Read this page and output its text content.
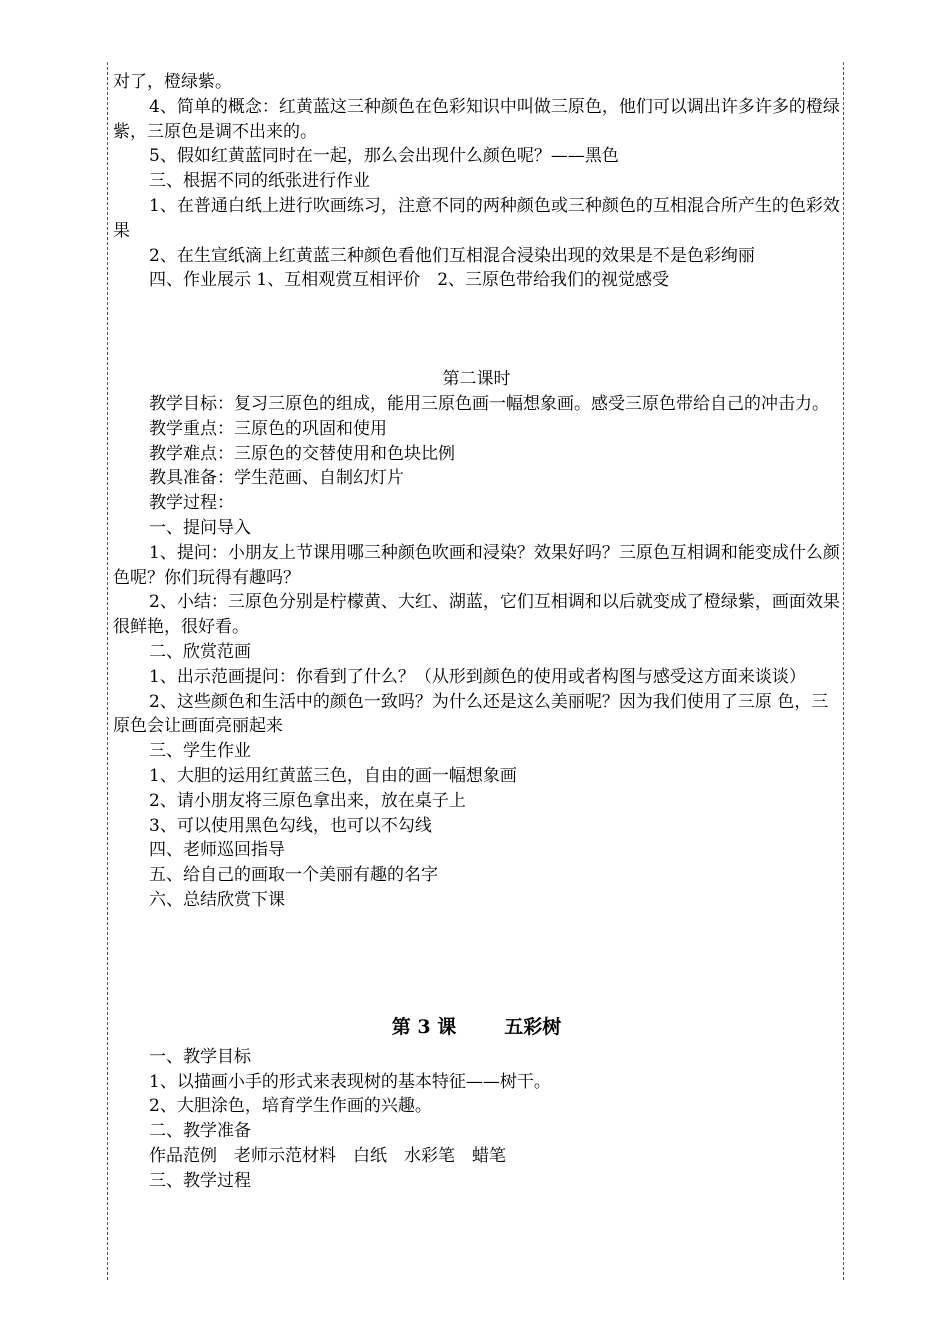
对了，橙绿紫。

4、简单的概念：红黄蓝这三种颜色在色彩知识中叫做三原色，他们可以调出许多许多的橙绿紫，三原色是调不出来的。

5、假如红黄蓝同时在一起，那么会出现什么颜色呢？——黑色

三、根据不同的纸张进行作业

1、在普通白纸上进行吹画练习，注意不同的两种颜色或三种颜色的互相混合所产生的色彩效果

2、在生宣纸滴上红黄蓝三种颜色看他们互相混合浸染出现的效果是不是色彩绚丽

四、作业展示 1、互相观赏互相评价　2、三原色带给我们的视觉感受

第二课时

教学目标：复习三原色的组成，能用三原色画一幅想象画。感受三原色带给自己的冲击力。

教学重点：三原色的巩固和使用

教学难点：三原色的交替使用和色块比例

教具准备：学生范画、自制幻灯片

教学过程：

一、提问导入

1、提问：小朋友上节课用哪三种颜色吹画和浸染？效果好吗？三原色互相调和能变成什么颜色呢？你们玩得有趣吗？

2、小结：三原色分别是柠檬黄、大红、湖蓝，它们互相调和以后就变成了橙绿紫，画面效果很鲜艳，很好看。

二、欣赏范画

1、出示范画提问：你看到了什么？（从形到颜色的使用或者构图与感受这方面来谈谈）

2、这些颜色和生活中的颜色一致吗？为什么还是这么美丽呢？因为我们使用了三原 色，三原色会让画面亮丽起来

三、学生作业

1、大胆的运用红黄蓝三色，自由的画一幅想象画

2、请小朋友将三原色拿出来，放在桌子上

3、可以使用黑色勾线，也可以不勾线

四、老师巡回指导

五、给自己的画取一个美丽有趣的名字

六、总结欣赏下课

第 3 课	五彩树

一、教学目标

1、以描画小手的形式来表现树的基本特征——树干。

2、大胆涂色，培育学生作画的兴趣。

二、教学准备

作品范例　老师示范材料　白纸　水彩笔　蜡笔

三、教学过程
